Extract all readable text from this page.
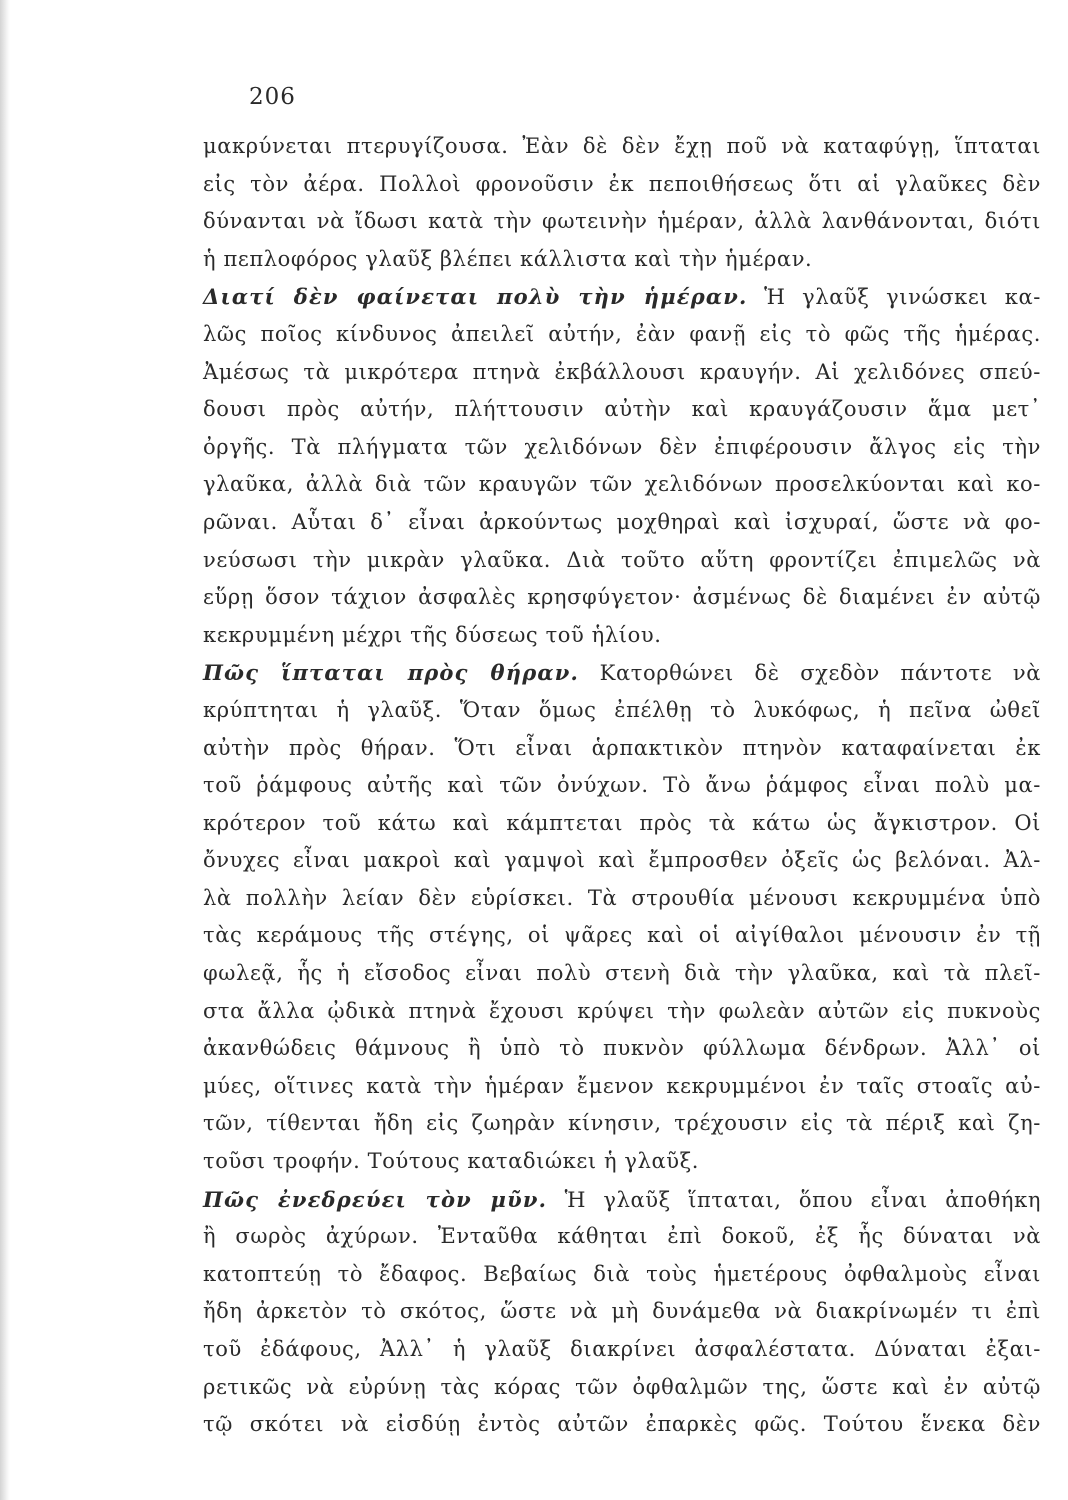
206
μακρύνεται πτερυγίζουσα. Ἐὰν δὲ δὲν ἔχῃ ποῦ νὰ καταφύγῃ, ἵπταται
εἰς τὸν ἀέρα. Πολλοὶ φρονοῦσιν ἐκ πεποιθήσεως ὅτι αἱ γλαῦκες δὲν
δύνανται νὰ ἴδωσι κατὰ τὴν φωτεινὴν ἡμέραν, ἀλλὰ λανθάνονται, διότι
ἡ πεπλοφόρος γλαῦξ βλέπει κάλλιστα καὶ τὴν ἡμέραν.
Διατί δὲν φαίνεται πολὺ τὴν ἡμέραν. Ἡ γλαῦξ γινώσκει κα-
λῶς ποῖος κίνδυνος ἀπειλεῖ αὐτήν, ἐὰν φανῇ εἰς τὸ φῶς τῆς ἡμέρας.
Ἀμέσως τὰ μικρότερα πτηνὰ ἐκβάλλουσι κραυγήν. Αἱ χελιδόνες σπεύ-
δουσι πρὸς αὐτήν, πλήττουσιν αὐτὴν καὶ κραυγάζουσιν ἅμα μετ᾽
ὀργῆς. Τὰ πλήγματα τῶν χελιδόνων δὲν ἐπιφέρουσιν ἄλγος εἰς τὴν
γλαῦκα, ἀλλὰ διὰ τῶν κραυγῶν τῶν χελιδόνων προσελκύονται καὶ κο-
ρῶναι. Αὗται δ᾽ εἶναι ἀρκούντως μοχθηραὶ καὶ ἰσχυραί, ὥστε νὰ φο-
νεύσωσι τὴν μικρὰν γλαῦκα. Διὰ τοῦτο αὕτη φροντίζει ἐπιμελῶς νὰ
εὕρῃ ὅσον τάχιον ἀσφαλὲς κρησφύγετον· ἀσμένως δὲ διαμένει ἐν αὐτῷ
κεκρυμμένη μέχρι τῆς δύσεως τοῦ ἡλίου.
Πῶς ἵπταται πρὸς θήραν. Κατορθώνει δὲ σχεδὸν πάντοτε νὰ
κρύπτηται ἡ γλαῦξ. Ὅταν ὅμως ἐπέλθῃ τὸ λυκόφως, ἡ πεῖνα ὠθεῖ
αὐτὴν πρὸς θήραν. Ὅτι εἶναι ἁρπακτικὸν πτηνὸν καταφαίνεται ἐκ
τοῦ ῥάμφους αὐτῆς καὶ τῶν ὀνύχων. Τὸ ἄνω ῥάμφος εἶναι πολὺ μα-
κρότερον τοῦ κάτω καὶ κάμπτεται πρὸς τὰ κάτω ὡς ἄγκιστρον. Οἱ
ὄνυχες εἶναι μακροὶ καὶ γαμψοὶ καὶ ἔμπροσθεν ὀξεῖς ὡς βελόναι. Ἀλ-
λὰ πολλὴν λείαν δὲν εὑρίσκει. Τὰ στρουθία μένουσι κεκρυμμένα ὑπὸ
τὰς κεράμους τῆς στέγης, οἱ ψᾶρες καὶ οἱ αἰγίθαλοι μένουσιν ἐν τῇ
φωλεᾷ, ἧς ἡ εἴσοδος εἶναι πολὺ στενὴ διὰ τὴν γλαῦκα, καὶ τὰ πλεῖ-
στα ἄλλα ᾠδικὰ πτηνὰ ἔχουσι κρύψει τὴν φωλεὰν αὐτῶν εἰς πυκνοὺς
ἀκανθώδεις θάμνους ἢ ὑπὸ τὸ πυκνὸν φύλλωμα δένδρων. Ἀλλ᾽ οἱ
μύες, οἵτινες κατὰ τὴν ἡμέραν ἔμενον κεκρυμμένοι ἐν ταῖς στοαῖς αὐ-
τῶν, τίθενται ἤδη εἰς ζωηρὰν κίνησιν, τρέχουσιν εἰς τὰ πέριξ καὶ ζη-
τοῦσι τροφήν. Τούτους καταδιώκει ἡ γλαῦξ.
Πῶς ἐνεδρεύει τὸν μῦν. Ἡ γλαῦξ ἵπταται, ὅπου εἶναι ἀποθήκη
ἢ σωρὸς ἀχύρων. Ἐνταῦθα κάθηται ἐπὶ δοκοῦ, ἐξ ἧς δύναται νὰ
κατοπτεύῃ τὸ ἔδαφος. Βεβαίως διὰ τοὺς ἡμετέρους ὀφθαλμοὺς εἶναι
ἤδη ἀρκετὸν τὸ σκότος, ὥστε νὰ μὴ δυνάμεθα νὰ διακρίνωμέν τι ἐπὶ
τοῦ ἐδάφους, Ἀλλ᾽ ἡ γλαῦξ διακρίνει ἀσφαλέστατα. Δύναται ἐξαι-
ρετικῶς νὰ εὐρύνῃ τὰς κόρας τῶν ὀφθαλμῶν της, ὥστε καὶ ἐν αὐτῷ
τῷ σκότει νὰ εἰσδύῃ ἐντὸς αὐτῶν ἐπαρκὲς φῶς. Τούτου ἕνεκα δὲν
